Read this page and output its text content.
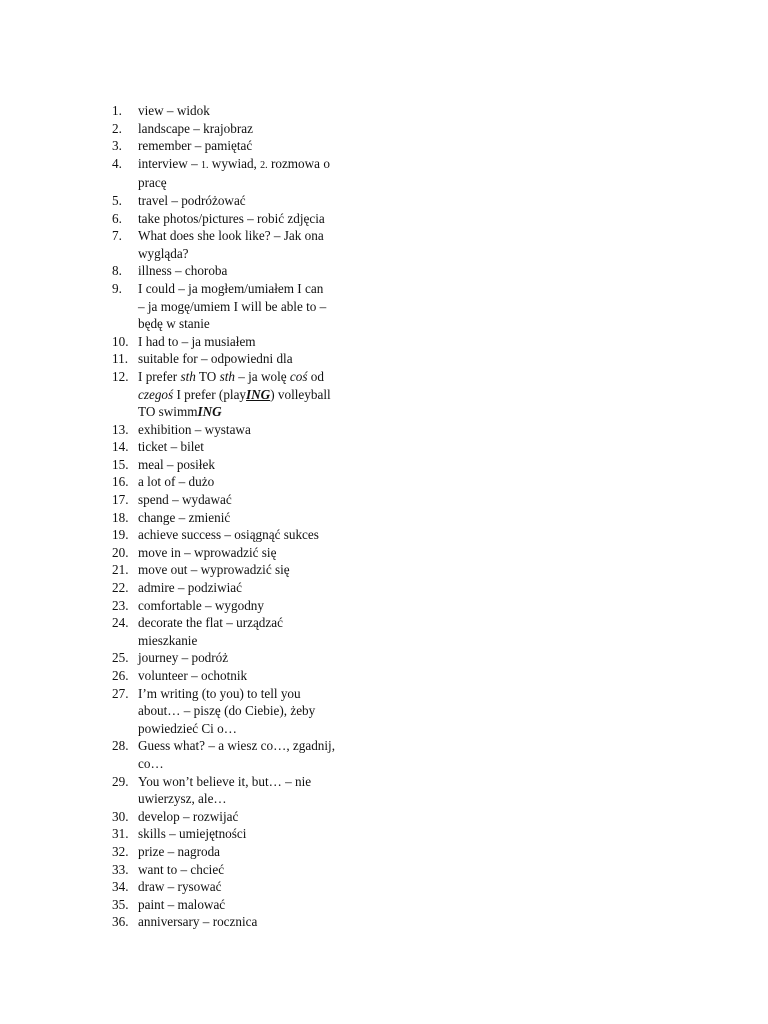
1. view – widok
2. landscape – krajobraz
3. remember – pamiętać
4. interview – 1. wywiad, 2. rozmowa o
pracę
5. travel – podróżować
6. take photos/pictures – robić zdjęcia
7. What does she look like? – Jak ona
wygląda?
8. illness – choroba
9. I could – ja mogłem/umiałem I can
– ja mogę/umiem I will be able to –
będę w stanie
10. I had to – ja musiałem
11. suitable for – odpowiedni dla
12. I prefer sth TO sth – ja wolę coś od
czegoś I prefer (playING) volleyball
TO swimmING
13. exhibition – wystawa
14. ticket – bilet
15. meal – posiłek
16. a lot of – dużo
17. spend – wydawać
18. change – zmienić
19. achieve success – osiągnąć sukces
20. move in – wprowadzić się
21. move out – wyprowadzić się
22. admire – podziwiać
23. comfortable – wygodny
24. decorate the flat – urządzać
mieszkanie
25. journey – podróż
26. volunteer – ochotnik
27. I’m writing (to you) to tell you
about… – piszę (do Ciebie), żeby
powiedzieć Ci o…
28. Guess what? – a wiesz co…, zgadnij,
co…
29. You won’t believe it, but… – nie
uwierzysz, ale…
30. develop – rozwijać
31. skills – umiejętności
32. prize – nagroda
33. want to – chcieć
34. draw – rysować
35. paint – malować
36. anniversary – rocznica
